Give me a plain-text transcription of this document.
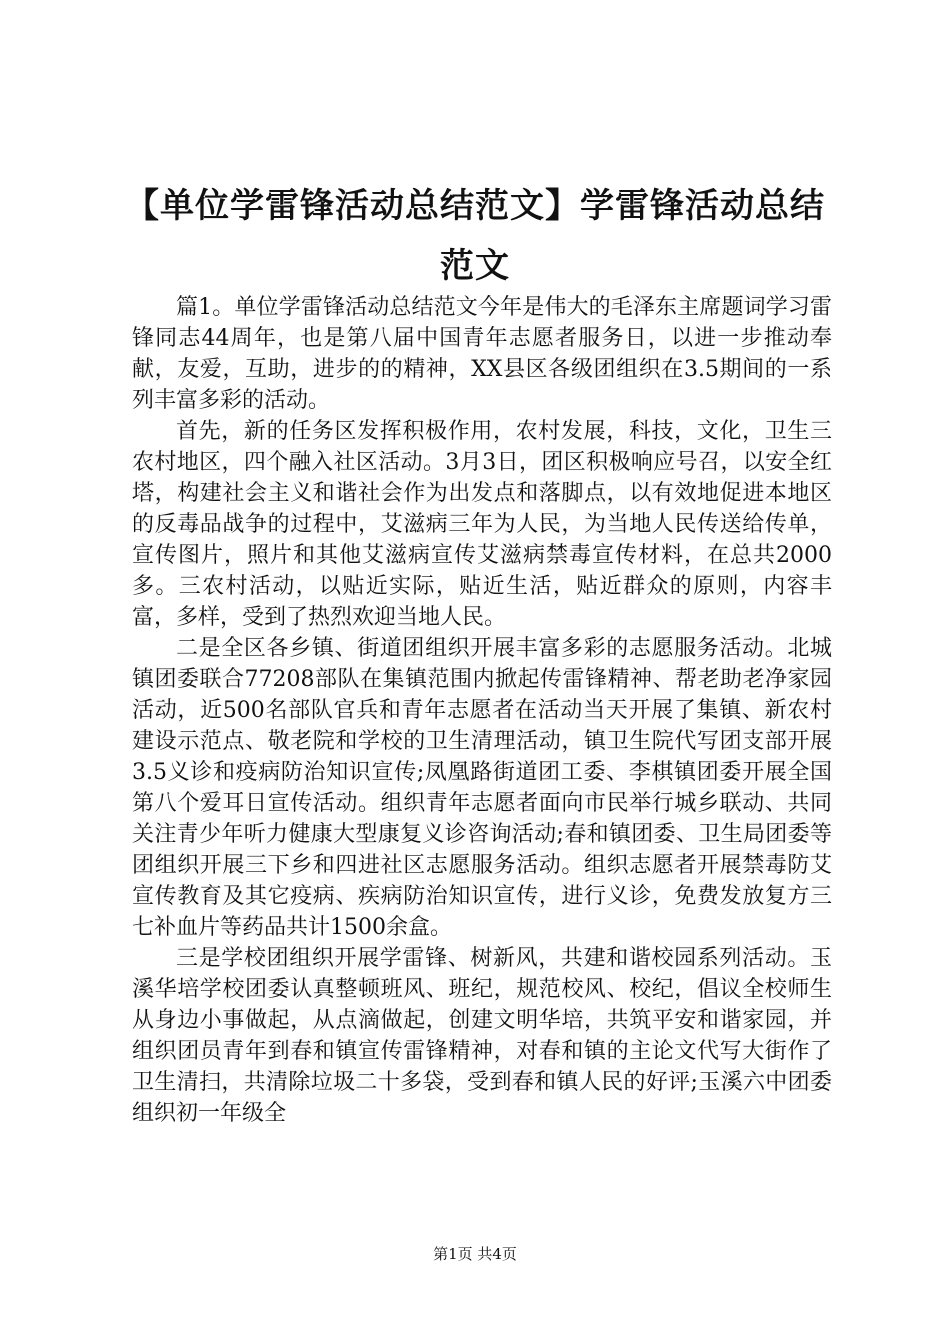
【单位学雷锋活动总结范文】学雷锋活动总结范文

篇1。单位学雷锋活动总结范文今年是伟大的毛泽东主席题词学习雷锋同志44周年，也是第八届中国青年志愿者服务日，以进一步推动奉献，友爱，互助，进步的的精神，XX县区各级团组织在3.5期间的一系列丰富多彩的活动。

首先，新的任务区发挥积极作用，农村发展，科技，文化，卫生三农村地区，四个融入社区活动。3月3日，团区积极响应号召，以安全红塔，构建社会主义和谐社会作为出发点和落脚点，以有效地促进本地区的反毒品战争的过程中，艾滋病三年为人民，为当地人民传送给传单，宣传图片，照片和其他艾滋病宣传艾滋病禁毒宣传材料，在总共2000多。三农村活动，以贴近实际，贴近生活，贴近群众的原则，内容丰富，多样，受到了热烈欢迎当地人民。

二是全区各乡镇、街道团组织开展丰富多彩的志愿服务活动。北城镇团委联合77208部队在集镇范围内掀起传雷锋精神、帮老助老净家园活动，近500名部队官兵和青年志愿者在活动当天开展了集镇、新农村建设示范点、敬老院和学校的卫生清理活动，镇卫生院代写团支部开展3.5义诊和疫病防治知识宣传;凤凰路街道团工委、李棋镇团委开展全国第八个爱耳日宣传活动。组织青年志愿者面向市民举行城乡联动、共同关注青少年听力健康大型康复义诊咨询活动;春和镇团委、卫生局团委等团组织开展三下乡和四进社区志愿服务活动。组织志愿者开展禁毒防艾宣传教育及其它疫病、疾病防治知识宣传，进行义诊，免费发放复方三七补血片等药品共计1500余盒。

三是学校团组织开展学雷锋、树新风，共建和谐校园系列活动。玉溪华培学校团委认真整顿班风、班纪，规范校风、校纪，倡议全校师生从身边小事做起，从点滴做起，创建文明华培，共筑平安和谐家园，并组织团员青年到春和镇宣传雷锋精神，对春和镇的主论文代写大街作了卫生清扫，共清除垃圾二十多袋，受到春和镇人民的好评;玉溪六中团委组织初一年级全

第1页 共4页
